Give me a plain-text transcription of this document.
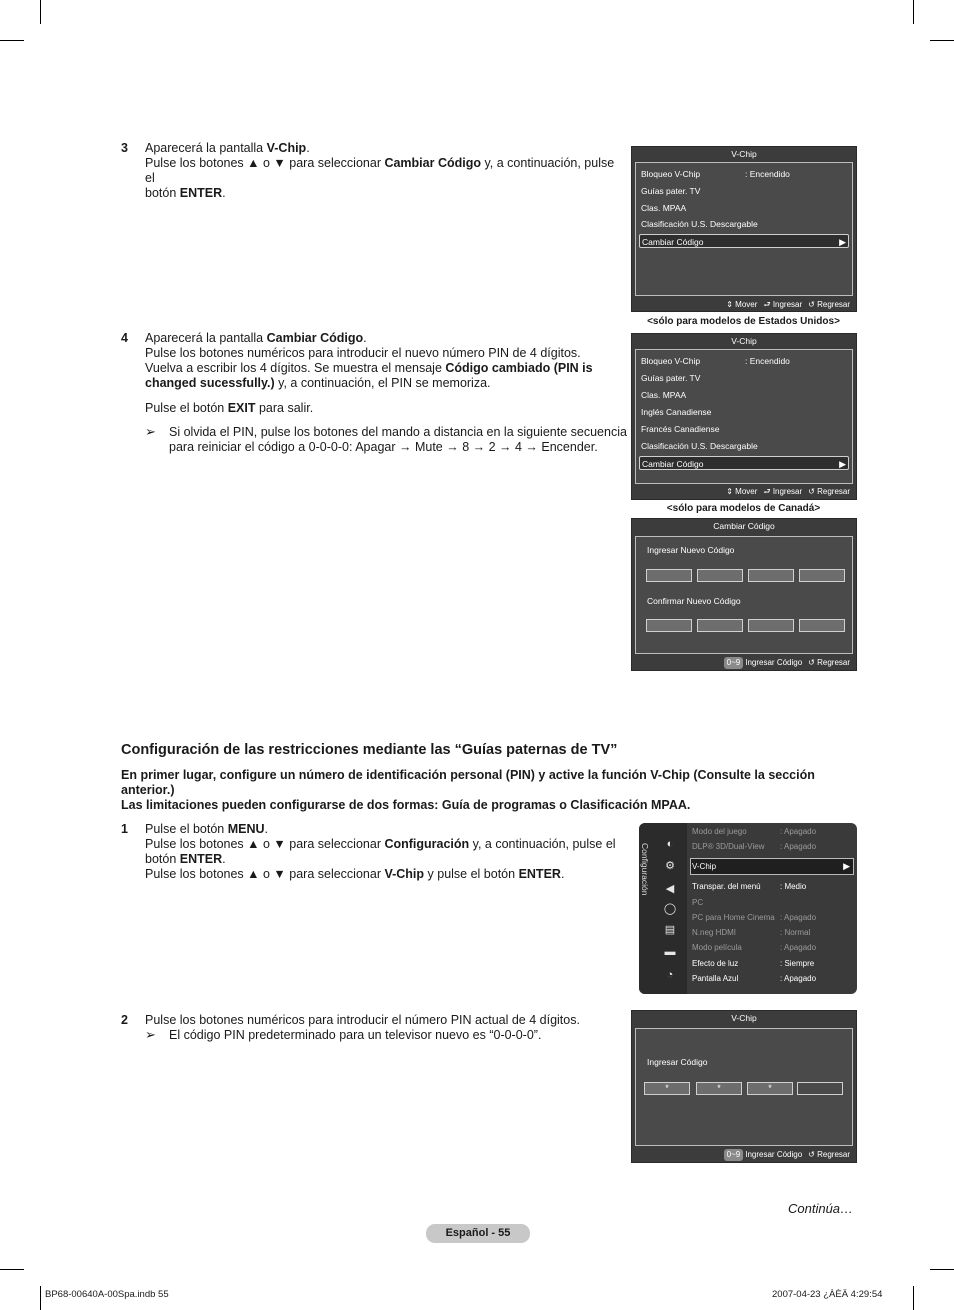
3 Aparecerá la pantalla V-Chip.

Pulse los botones ▲ o ▼ para seleccionar Cambiar Código y, a continuación, pulse el

botón ENTER.

4 Aparecerá la pantalla Cambiar Código.

Pulse los botones numéricos para introducir el nuevo número PIN de 4 dígitos.

Vuelva a escribir los 4 dígitos. Se muestra el mensaje Código cambiado (PIN is

changed sucessfully.) y, a continuación, el PIN se memoriza.

Pulse el botón EXIT para salir.

➢ Si olvida el PIN, pulse los botones del mando a distancia en la siguiente secuencia

para reiniciar el código a 0-0-0-0: Apagar → Mute → 8 → 2 → 4 → Encender.

V-Chip
Bloqueo V-Chip	: Encendido
Guías pater. TV
Clas. MPAA
Clasificación U.S. Descargable
Cambiar Código	▶
⇕ Mover ⮐ Ingresar ↺ Regresar
<sólo para modelos de Estados Unidos>
V-Chip
Bloqueo V-Chip	: Encendido
Guías pater. TV
Clas. MPAA
Inglés Canadiense
Francés Canadiense
Clasificación U.S. Descargable
Cambiar Código	▶
⇕ Mover ⮐ Ingresar ↺ Regresar
<sólo para modelos de Canadá>
Cambiar Código
Ingresar Nuevo Código
Confirmar Nuevo Código
0~9 Ingresar Código ↺ Regresar
Configuración de las restricciones mediante las “Guías paternas de TV”

En primer lugar, configure un número de identificación personal (PIN) y active la función V-Chip (Consulte la sección

anterior.)

Las limitaciones pueden configurarse de dos formas: Guía de programas o Clasificación MPAA.

1 Pulse el botón MENU.

Pulse los botones ▲ o ▼ para seleccionar Configuración y, a continuación, pulse el

botón ENTER.

Pulse los botones ▲ o ▼ para seleccionar V-Chip y pulse el botón ENTER.	Configuración	◐
⚙
◀
◯
▤
▬
◔
Modo del juego	: Apagado
DLP® 3D/Dual-View : Apagado
V-Chip	▶
Transpar. del menú : Medio
PC
PC para Home Cinema : Apagado
N.neg HDMI	: Normal
Modo película	: Apagado
Efecto de luz	: Siempre
Pantalla Azul	: Apagado
2 Pulse los botones numéricos para introducir el número PIN actual de 4 dígitos.

➢ El código PIN predeterminado para un televisor nuevo es “0-0-0-0”.

V-Chip
Ingresar Código
*	*	*
0~9 Ingresar Código ↺ Regresar
Continúa…
Español - 55
BP68-00640A-00Spa.indb 55	2007-04-23 ¿ÀÈÄ 4:29:54
